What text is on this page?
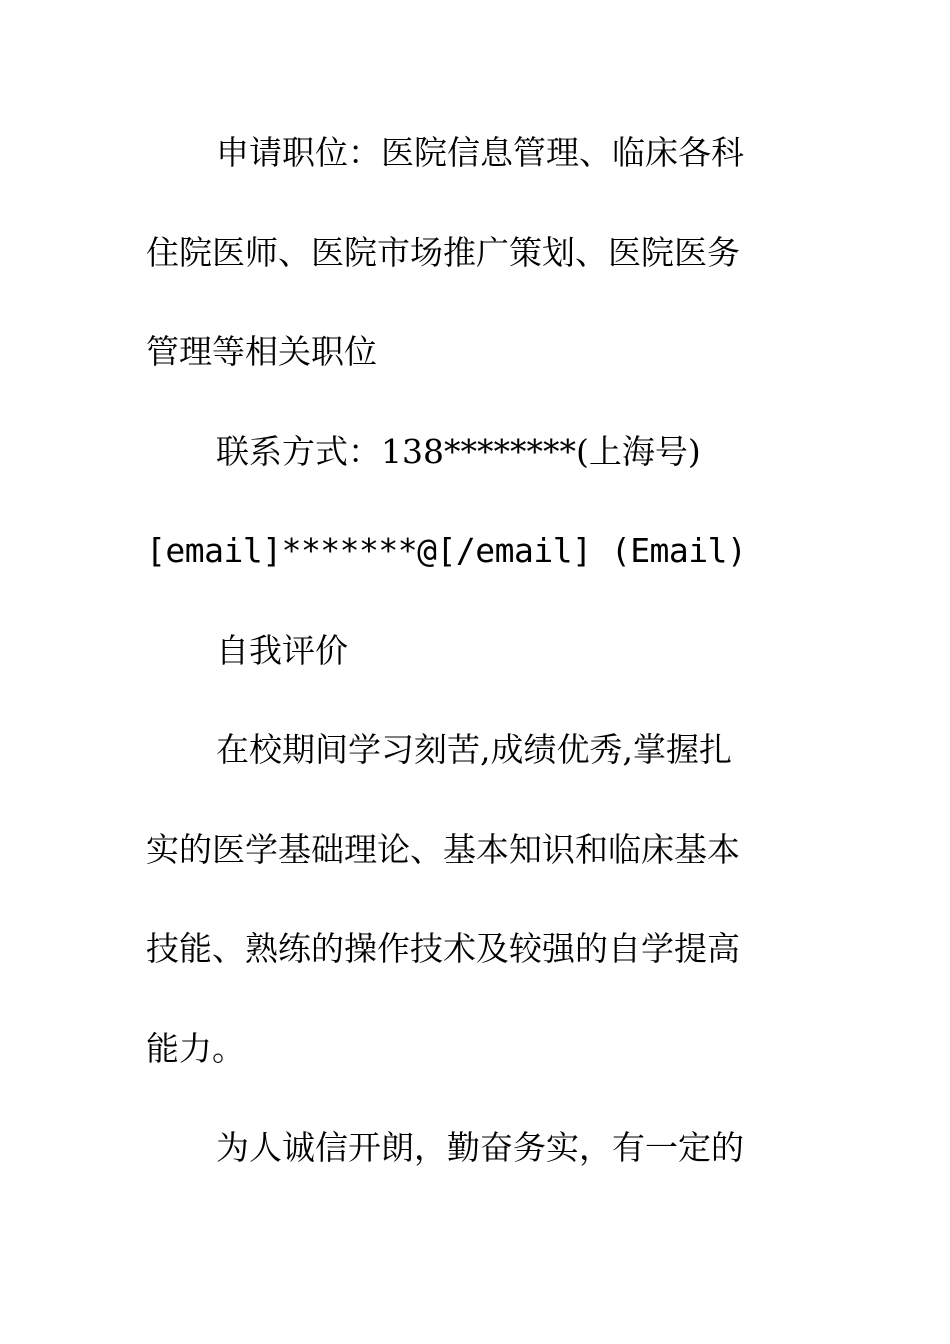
申请职位：医院信息管理、临床各科
住院医师、医院市场推广策划、医院医务
管理等相关职位
联系方式：138********(上海号)
[email]*******@[/email] (Email)
自我评价
在校期间学习刻苦,成绩优秀,掌握扎
实的医学基础理论、基本知识和临床基本
技能、熟练的操作技术及较强的自学提高
能力。
为人诚信开朗，勤奋务实，有一定的
